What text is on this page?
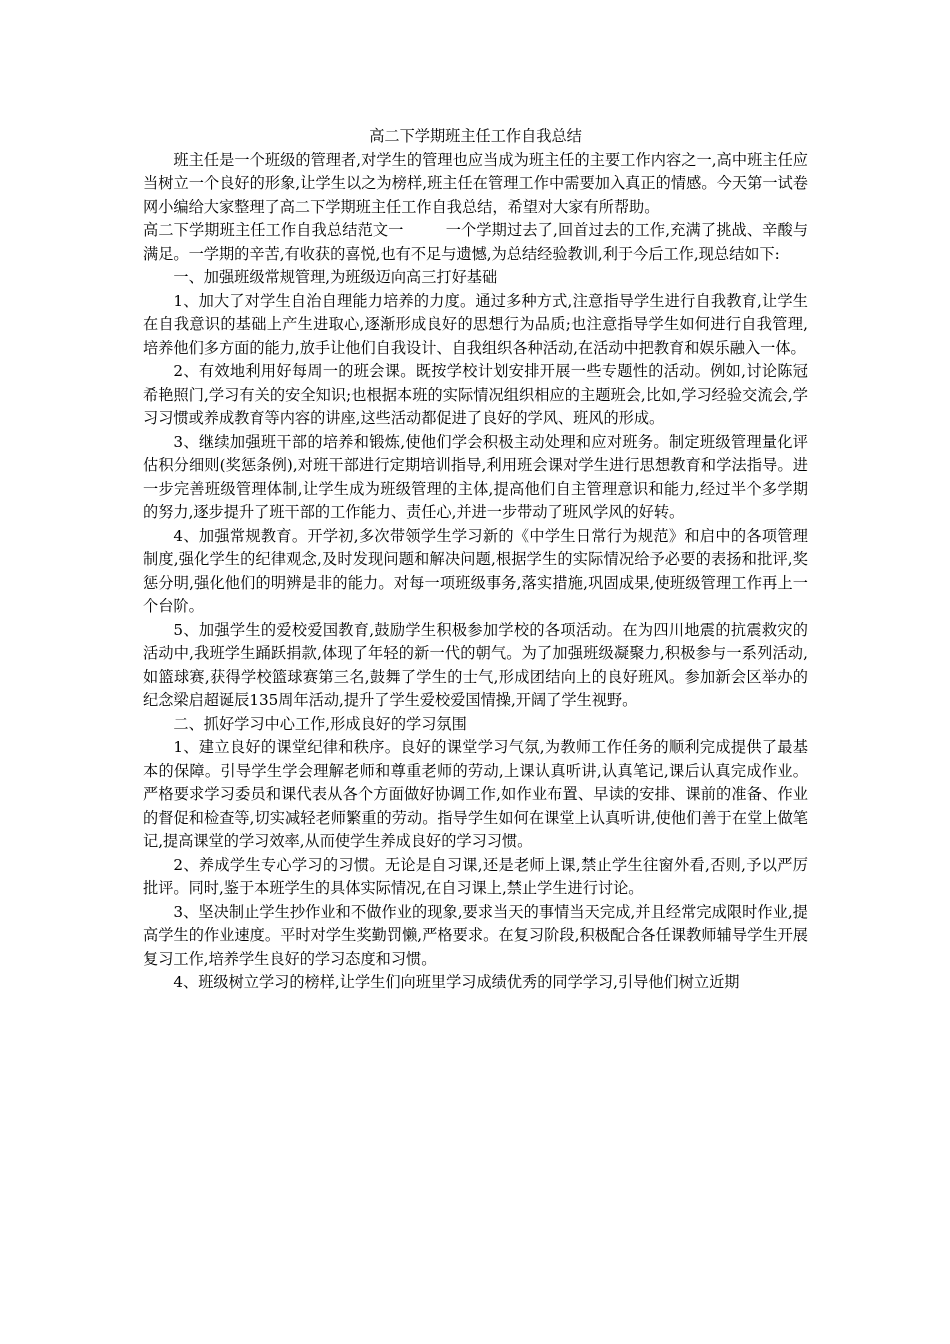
高二下学期班主任工作自我总结

班主任是一个班级的管理者,对学生的管理也应当成为班主任的主要工作内容之一,高中班主任应当树立一个良好的形象,让学生以之为榜样,班主任在管理工作中需要加入真正的情感。今天第一试卷网小编给大家整理了高二下学期班主任工作自我总结，希望对大家有所帮助。

高二下学期班主任工作自我总结范文一	一个学期过去了,回首过去的工作,充满了挑战、辛酸与满足。一学期的辛苦,有收获的喜悦,也有不足与遗憾,为总结经验教训,利于今后工作,现总结如下:

一、加强班级常规管理,为班级迈向高三打好基础

1、加大了对学生自治自理能力培养的力度。通过多种方式,注意指导学生进行自我教育,让学生在自我意识的基础上产生进取心,逐渐形成良好的思想行为品质;也注意指导学生如何进行自我管理,培养他们多方面的能力,放手让他们自我设计、自我组织各种活动,在活动中把教育和娱乐融入一体。

2、有效地利用好每周一的班会课。既按学校计划安排开展一些专题性的活动。例如,讨论陈冠希艳照门,学习有关的安全知识;也根据本班的实际情况组织相应的主题班会,比如,学习经验交流会,学习习惯或养成教育等内容的讲座,这些活动都促进了良好的学风、班风的形成。

3、继续加强班干部的培养和锻炼,使他们学会积极主动处理和应对班务。制定班级管理量化评估积分细则(奖惩条例),对班干部进行定期培训指导,利用班会课对学生进行思想教育和学法指导。进一步完善班级管理体制,让学生成为班级管理的主体,提高他们自主管理意识和能力,经过半个多学期的努力,逐步提升了班干部的工作能力、责任心,并进一步带动了班风学风的好转。

4、加强常规教育。开学初,多次带领学生学习新的《中学生日常行为规范》和启中的各项管理制度,强化学生的纪律观念,及时发现问题和解决问题,根据学生的实际情况给予必要的表扬和批评,奖惩分明,强化他们的明辨是非的能力。对每一项班级事务,落实措施,巩固成果,使班级管理工作再上一个台阶。

5、加强学生的爱校爱国教育,鼓励学生积极参加学校的各项活动。在为四川地震的抗震救灾的活动中,我班学生踊跃捐款,体现了年轻的新一代的朝气。为了加强班级凝聚力,积极参与一系列活动,如篮球赛,获得学校篮球赛第三名,鼓舞了学生的士气,形成团结向上的良好班风。参加新会区举办的纪念梁启超诞辰135周年活动,提升了学生爱校爱国情操,开阔了学生视野。

二、抓好学习中心工作,形成良好的学习氛围

1、建立良好的课堂纪律和秩序。良好的课堂学习气氛,为教师工作任务的顺利完成提供了最基本的保障。引导学生学会理解老师和尊重老师的劳动,上课认真听讲,认真笔记,课后认真完成作业。严格要求学习委员和课代表从各个方面做好协调工作,如作业布置、早读的安排、课前的准备、作业的督促和检查等,切实减轻老师繁重的劳动。指导学生如何在课堂上认真听讲,使他们善于在堂上做笔记,提高课堂的学习效率,从而使学生养成良好的学习习惯。

2、养成学生专心学习的习惯。无论是自习课,还是老师上课,禁止学生往窗外看,否则,予以严厉批评。同时,鉴于本班学生的具体实际情况,在自习课上,禁止学生进行讨论。

3、坚决制止学生抄作业和不做作业的现象,要求当天的事情当天完成,并且经常完成限时作业,提高学生的作业速度。平时对学生奖勤罚懒,严格要求。在复习阶段,积极配合各任课教师辅导学生开展复习工作,培养学生良好的学习态度和习惯。

4、班级树立学习的榜样,让学生们向班里学习成绩优秀的同学学习,引导他们树立近期
